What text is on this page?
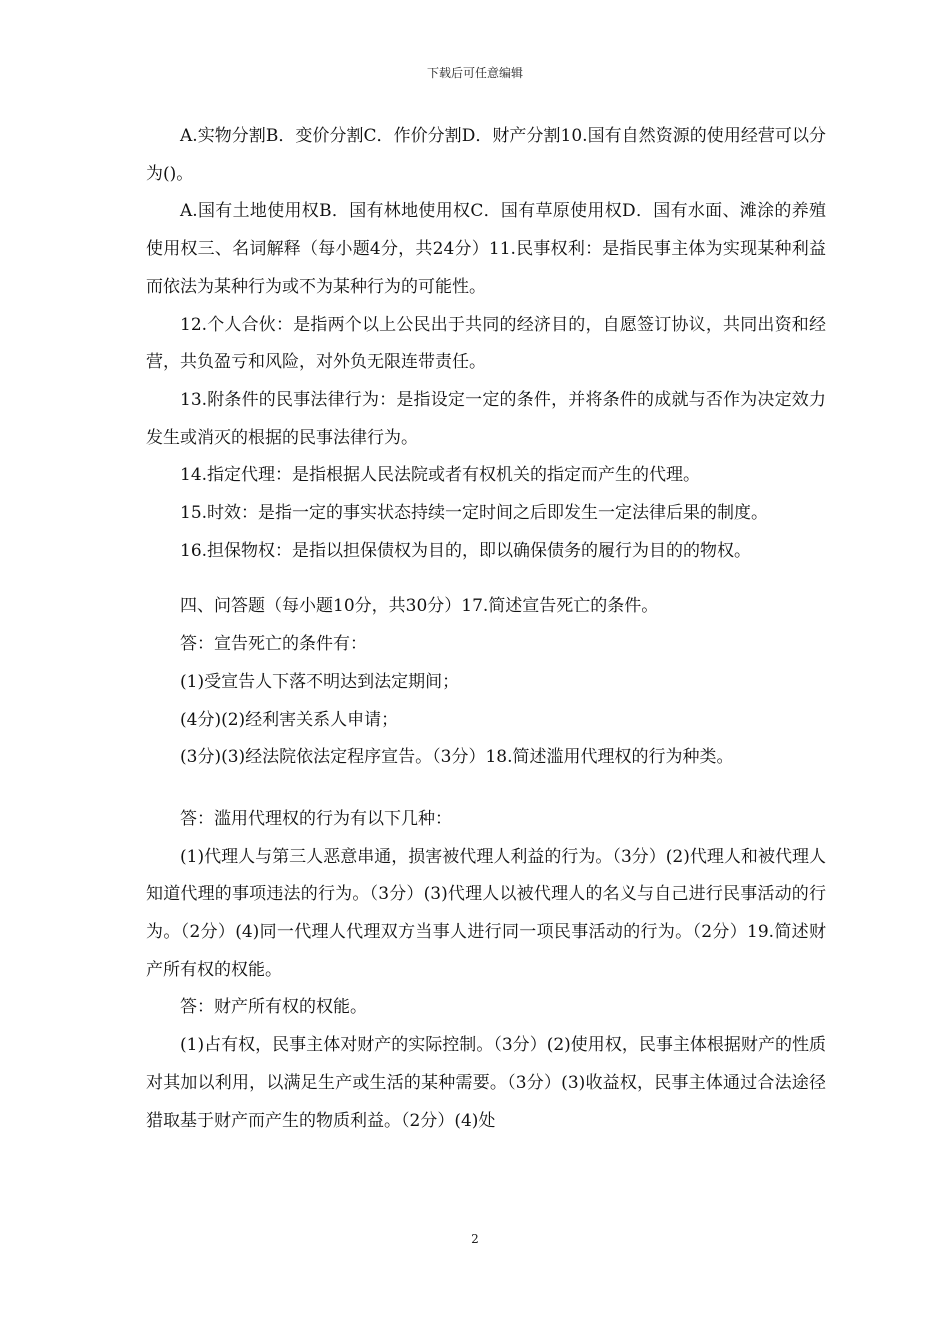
下载后可任意编辑

A.实物分割B．变价分割C．作价分割D．财产分割10.国有自然资源的使用经营可以分为()。

A.国有土地使用权B．国有林地使用权C．国有草原使用权D．国有水面、滩涂的养殖使用权三、名词解释（每小题4分，共24分）11.民事权利：是指民事主体为实现某种利益而依法为某种行为或不为某种行为的可能性。

12.个人合伙：是指两个以上公民出于共同的经济目的，自愿签订协议，共同出资和经营，共负盈亏和风险，对外负无限连带责任。

13.附条件的民事法律行为：是指设定一定的条件，并将条件的成就与否作为决定效力发生或消灭的根据的民事法律行为。

14.指定代理：是指根据人民法院或者有权机关的指定而产生的代理。

15.时效：是指一定的事实状态持续一定时间之后即发生一定法律后果的制度。

16.担保物权：是指以担保债权为目的，即以确保债务的履行为目的的物权。

四、问答题（每小题10分，共30分）17.简述宣告死亡的条件。

答：宣告死亡的条件有：

(1)受宣告人下落不明达到法定期间；

(4分)(2)经利害关系人申请；

(3分)(3)经法院依法定程序宣告。（3分）18.简述滥用代理权的行为种类。

答：滥用代理权的行为有以下几种：

(1)代理人与第三人恶意串通，损害被代理人利益的行为。（3分）(2)代理人和被代理人知道代理的事项违法的行为。（3分）(3)代理人以被代理人的名义与自己进行民事活动的行为。（2分）(4)同一代理人代理双方当事人进行同一项民事活动的行为。（2分）19.简述财产所有权的权能。

答：财产所有权的权能。

(1)占有权，民事主体对财产的实际控制。（3分）(2)使用权，民事主体根据财产的性质对其加以利用，以满足生产或生活的某种需要。（3分）(3)收益权，民事主体通过合法途径猎取基于财产而产生的物质利益。（2分）(4)处

2
